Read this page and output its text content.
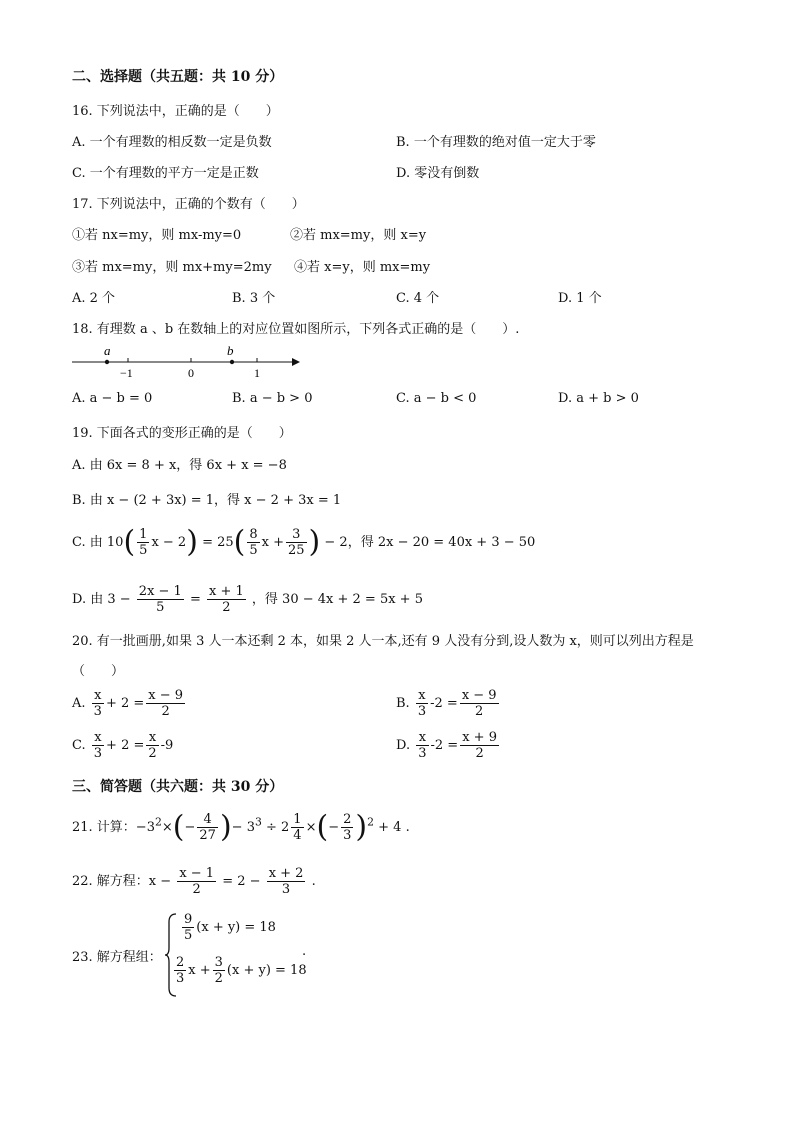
二、选择题（共五题：共 10 分）
16. 下列说法中，正确的是（　　）
A. 一个有理数的相反数一定是负数	B. 一个有理数的绝对值一定大于零
C. 一个有理数的平方一定是正数	D. 零没有倒数
17. 下列说法中，正确的个数有（　　）
①若 nx=my，则 mx-my=0	②若 mx=my，则 x=y
③若 mx=my，则 mx+my=2my ④若 x=y，则 mx=my
A. 2 个	B. 3 个	C. 4 个	D. 1 个
18. 有理数 a 、b 在数轴上的对应位置如图所示，下列各式正确的是（　　）.
a	b
−1	0	1
A. a − b = 0	B. a − b > 0	C. a − b < 0	D. a + b > 0
19. 下面各式的变形正确的是（　　）
A. 由 6x = 8 + x，得 6x + x = −8
B. 由 x − (2 + 3x) = 1，得 x − 2 + 3x = 1
C. 由 $10( \frac{1}{5}$ $x - 2) = 25( \frac{8}{5}$ $x + \frac{3}{25}$ ) − 2，得 2x − 20 = 40x + 3 − 50
D. 由 $3 - \frac{2x - 1}{5} = \frac{x + 1}{2}$ ，得 30 − 4x + 2 = 5x + 5
20. 有一批画册,如果 3 人一本还剩 2 本，如果 2 人一本,还有 9 人没有分到,设人数为 x，则可以列出方程是
（　　）
A. $\frac{x}{3} + 2 = \frac{x - 9}{2}$	B. $\frac{x}{3} -2 = \frac{x - 9}{2}$
C. $\frac{x}{3} + 2 = \frac{x}{2} -9$	D. $\frac{x}{3} -2 = \frac{x + 9}{2}$
三、简答题（共六题：共 30 分）
21. 计算：$-3^2\times(- \frac{4}{27}$ )− $3^3 \div 2 \frac{1}{4}$ ×(− $\frac{2}{3} )^2 + 4$ .
22. 解方程：$x - \frac{x - 1}{2} = 2 - \frac{x + 2}{3}$ .
23. 解方程组：
$\frac{9}{5} (x + y) = 18$
$\frac{2}{3}$ $x + \frac{3}{2} (x + y) = 18$
.
